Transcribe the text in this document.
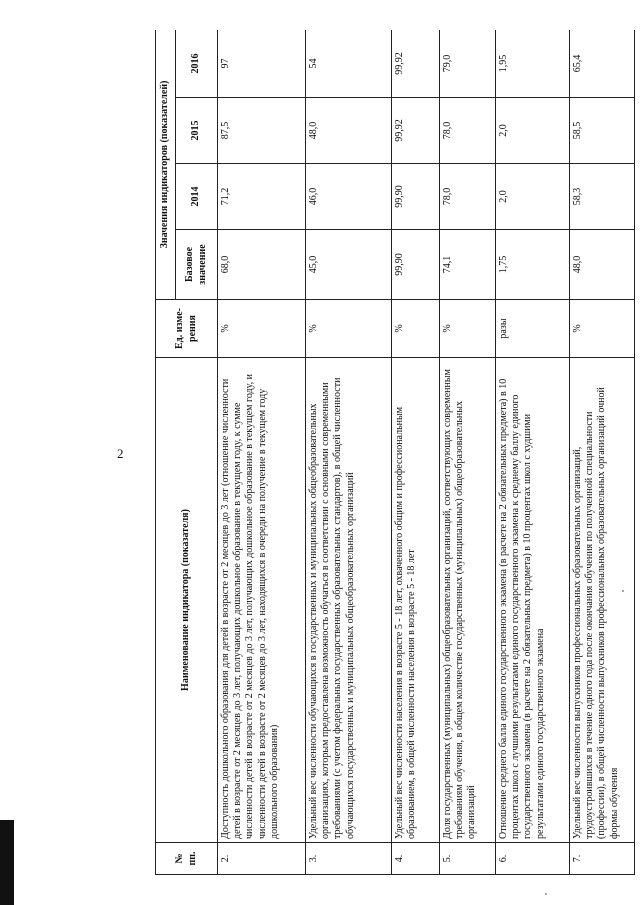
2
№ пп.	Наименование индикатора (показателя)	Ед. изме-рения	Значения индикаторов (показателей)			
			Базовое значение	2014	2015	2016
2.	Доступность дошкольного образования для детей в возрасте от 2 месяцев до 3 лет (отношение численности детей в возрасте от 2 месяцев до 3 лет, получающих дошкольное образование в текущем году, к сумме численности детей в возрасте от 2 месяцев до 3 лет, получающих дошкольное образование в текущем году, и численности детей в возрасте от 2 месяцев до 3 лет, находящихся в очереди на получение в текущем году дошкольного образования)	%	68,0	71,2	87,5	97
3.	Удельный вес численности обучающихся в государственных и муниципальных общеобразовательных организациях, которым предоставлена возможность обучаться в соответствии с основными современными требованиями (с учетом федеральных государственных образовательных стандартов), в общей численности обучающихся государственных и муниципальных общеобразовательных организаций	%	45,0	46,0	48,0	54
4.	Удельный вес численности населения в возрасте 5 - 18 лет, охваченного общим и профессиональным образованием, в общей численности населения в возрасте 5 - 18 лет	%	99,90	99,90	99,92	99,92
5.	Доля государственных (муниципальных) общеобразовательных организаций, соответствующих современным требованиям обучения, в общем количестве государственных (муниципальных) общеобразовательных организаций	%	74,1	78,0	78,0	79,0
6.	Отношение среднего балла единого государственного экзамена (в расчете на 2 обязательных предмета) в 10 процентах школ с лучшими результатами единого государственного экзамена к среднему баллу единого государственного экзамена (в расчете на 2 обязательных предмета) в 10 процентах школ с худшими результатами единого государственного экзамена	разы	1,75	2,0	2,0	1,95
7.	Удельный вес численности выпускников профессиональных образовательных организаций, трудоустроившихся в течение одного года после окончания обучения по полученной специальности (профессии), в общей численности выпускников профессиональных образовательных организаций очной формы обучения	%	48,0	58,3	58,5	65,4
